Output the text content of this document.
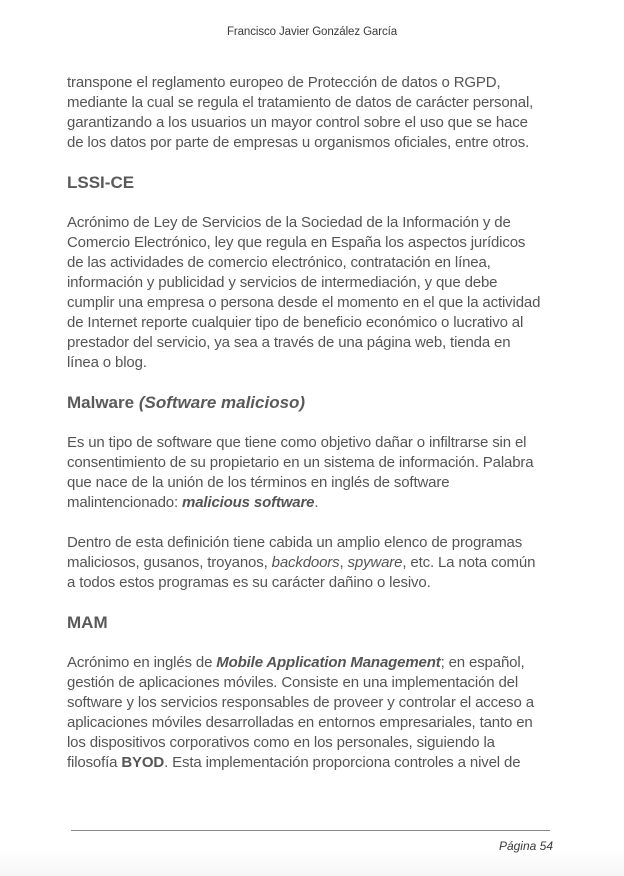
Francisco Javier González García

transpone el reglamento europeo de Protección de datos o RGPD,
mediante la cual se regula el tratamiento de datos de carácter personal,
garantizando a los usuarios un mayor control sobre el uso que se hace
de los datos por parte de empresas u organismos oficiales, entre otros.

LSSI-CE

Acrónimo de Ley de Servicios de la Sociedad de la Información y de
Comercio Electrónico, ley que regula en España los aspectos jurídicos
de las actividades de comercio electrónico, contratación en línea,
información y publicidad y servicios de intermediación, y que debe
cumplir una empresa o persona desde el momento en el que la actividad
de Internet reporte cualquier tipo de beneficio económico o lucrativo al
prestador del servicio, ya sea a través de una página web, tienda en
línea o blog.

Malware (Software malicioso)

Es un tipo de software que tiene como objetivo dañar o infiltrarse sin el
consentimiento de su propietario en un sistema de información. Palabra
que nace de la unión de los términos en inglés de software
malintencionado: malicious software.

Dentro de esta definición tiene cabida un amplio elenco de programas
maliciosos, gusanos, troyanos, backdoors, spyware, etc. La nota común
a todos estos programas es su carácter dañino o lesivo.

MAM

Acrónimo en inglés de Mobile Application Management; en español,
gestión de aplicaciones móviles. Consiste en una implementación del
software y los servicios responsables de proveer y controlar el acceso a
aplicaciones móviles desarrolladas en entornos empresariales, tanto en
los dispositivos corporativos como en los personales, siguiendo la
filosofía BYOD. Esta implementación proporciona controles a nivel de

Página 54
